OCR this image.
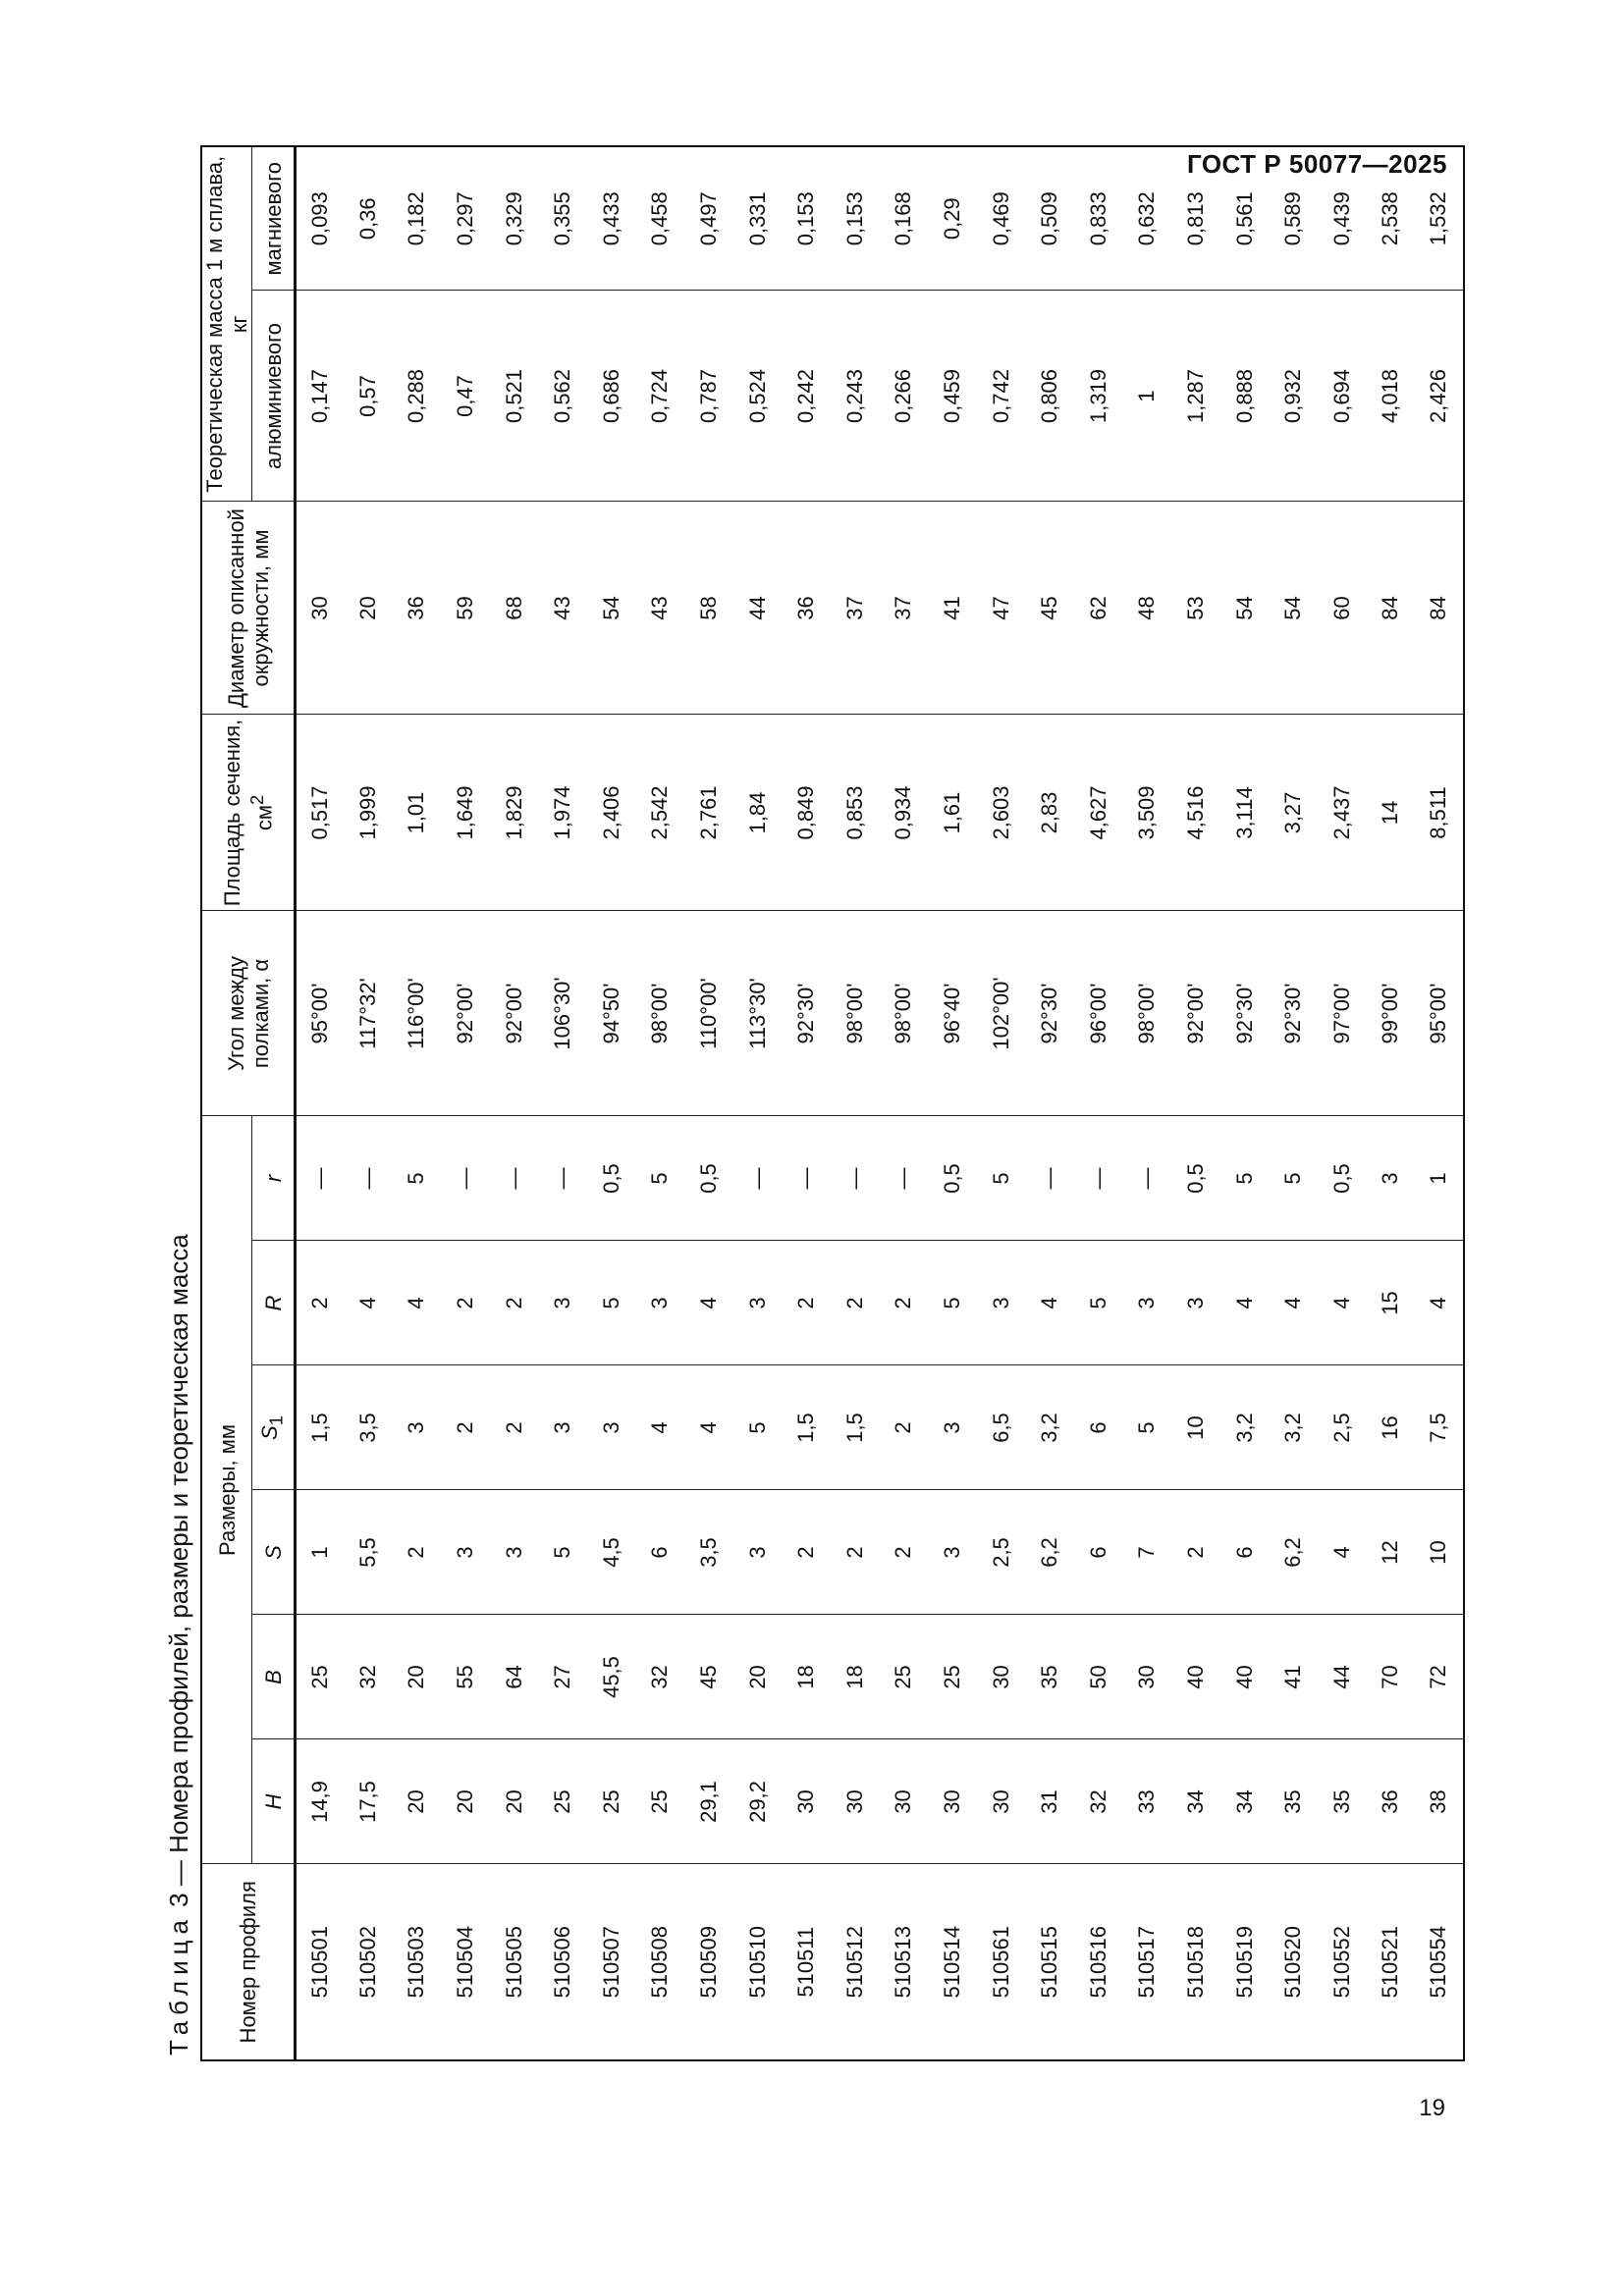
ГОСТ Р 50077—2025
Таблица 3 — Номера профилей, размеры и теоретическая масса
Номер профиля	Размеры, мм						Угол между полками, α	Площадь сечения, $см^2$	Диаметр описанной окружности, мм	Теоретическая масса 1 м сплава, кг	
	H	B	S	$S_1$	R	r				алюминиевого	магниевого
510501	14,9	25	1	1,5	2	—	95°00'	0,517	30	0,147	0,093
510502	17,5	32	5,5	3,5	4	—	117°32'	1,999	20	0,57	0,36
510503	20	20	2	3	4	5	116°00'	1,01	36	0,288	0,182
510504	20	55	3	2	2	—	92°00'	1,649	59	0,47	0,297
510505	20	64	3	2	2	—	92°00'	1,829	68	0,521	0,329
510506	25	27	5	3	3	—	106°30'	1,974	43	0,562	0,355
510507	25	45,5	4,5	3	5	0,5	94°50'	2,406	54	0,686	0,433
510508	25	32	6	4	3	5	98°00'	2,542	43	0,724	0,458
510509	29,1	45	3,5	4	4	0,5	110°00'	2,761	58	0,787	0,497
510510	29,2	20	3	5	3	—	113°30'	1,84	44	0,524	0,331
510511	30	18	2	1,5	2	—	92°30'	0,849	36	0,242	0,153
510512	30	18	2	1,5	2	—	98°00'	0,853	37	0,243	0,153
510513	30	25	2	2	2	—	98°00'	0,934	37	0,266	0,168
510514	30	25	3	3	5	0,5	96°40'	1,61	41	0,459	0,29
510561	30	30	2,5	6,5	3	5	102°00'	2,603	47	0,742	0,469
510515	31	35	6,2	3,2	4	—	92°30'	2,83	45	0,806	0,509
510516	32	50	6	6	5	—	96°00'	4,627	62	1,319	0,833
510517	33	30	7	5	3	—	98°00'	3,509	48	1	0,632
510518	34	40	2	10	3	0,5	92°00'	4,516	53	1,287	0,813
510519	34	40	6	3,2	4	5	92°30'	3,114	54	0,888	0,561
510520	35	41	6,2	3,2	4	5	92°30'	3,27	54	0,932	0,589
510552	35	44	4	2,5	4	0,5	97°00'	2,437	60	0,694	0,439
510521	36	70	12	16	15	3	99°00'	14	84	4,018	2,538
510554	38	72	10	7,5	4	1	95°00'	8,511	84	2,426	1,532
19
